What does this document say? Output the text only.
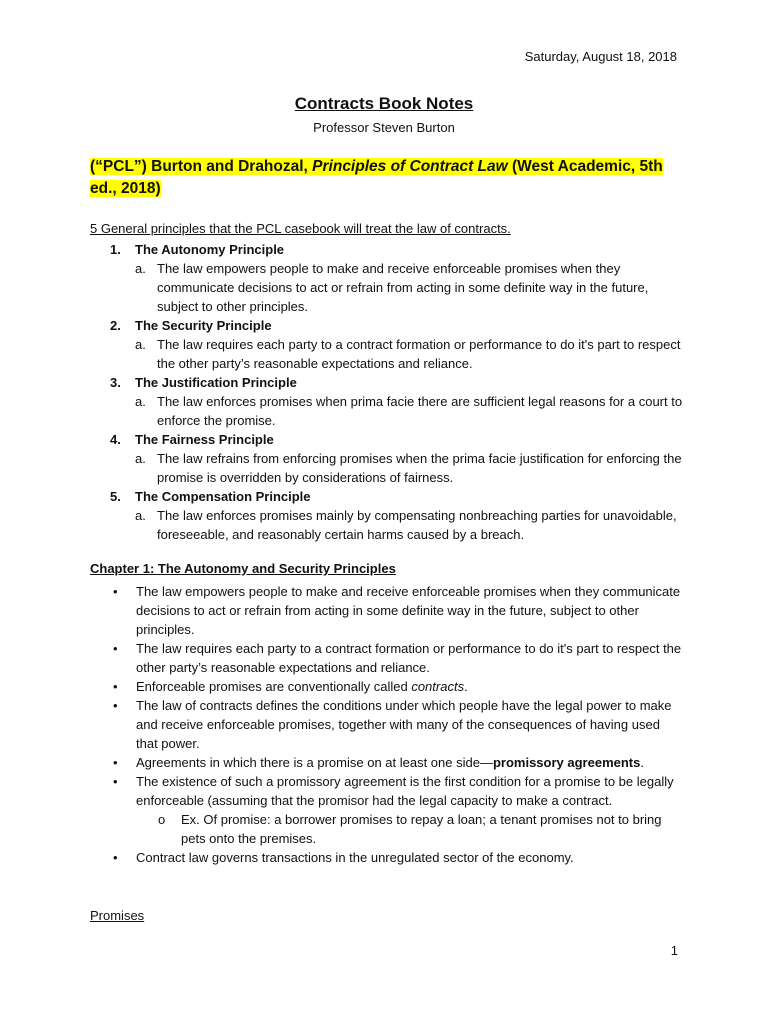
Saturday, August 18, 2018
Contracts Book Notes
Professor Steven Burton
(“PCL”) Burton and Drahozal, Principles of Contract Law (West Academic, 5th ed., 2018)
5 General principles that the PCL casebook will treat the law of contracts.
1. The Autonomy Principle
a. The law empowers people to make and receive enforceable promises when they communicate decisions to act or refrain from acting in some definite way in the future, subject to other principles.
2. The Security Principle
a. The law requires each party to a contract formation or performance to do it's part to respect the other party’s reasonable expectations and reliance.
3. The Justification Principle
a. The law enforces promises when prima facie there are sufficient legal reasons for a court to enforce the promise.
4. The Fairness Principle
a. The law refrains from enforcing promises when the prima facie justification for enforcing the promise is overridden by considerations of fairness.
5. The Compensation Principle
a. The law enforces promises mainly by compensating nonbreaching parties for unavoidable, foreseeable, and reasonably certain harms caused by a breach.
Chapter 1: The Autonomy and Security Principles
• The law empowers people to make and receive enforceable promises when they communicate decisions to act or refrain from acting in some definite way in the future, subject to other principles.
• The law requires each party to a contract formation or performance to do it's part to respect the other party’s reasonable expectations and reliance.
• Enforceable promises are conventionally called contracts.
• The law of contracts defines the conditions under which people have the legal power to make and receive enforceable promises, together with many of the consequences of having used that power.
• Agreements in which there is a promise on at least one side—promissory agreements.
• The existence of such a promissory agreement is the first condition for a promise to be legally enforceable (assuming that the promisor had the legal capacity to make a contract.
o Ex. Of promise: a borrower promises to repay a loan; a tenant promises not to bring pets onto the premises.
• Contract law governs transactions in the unregulated sector of the economy.
Promises
1
